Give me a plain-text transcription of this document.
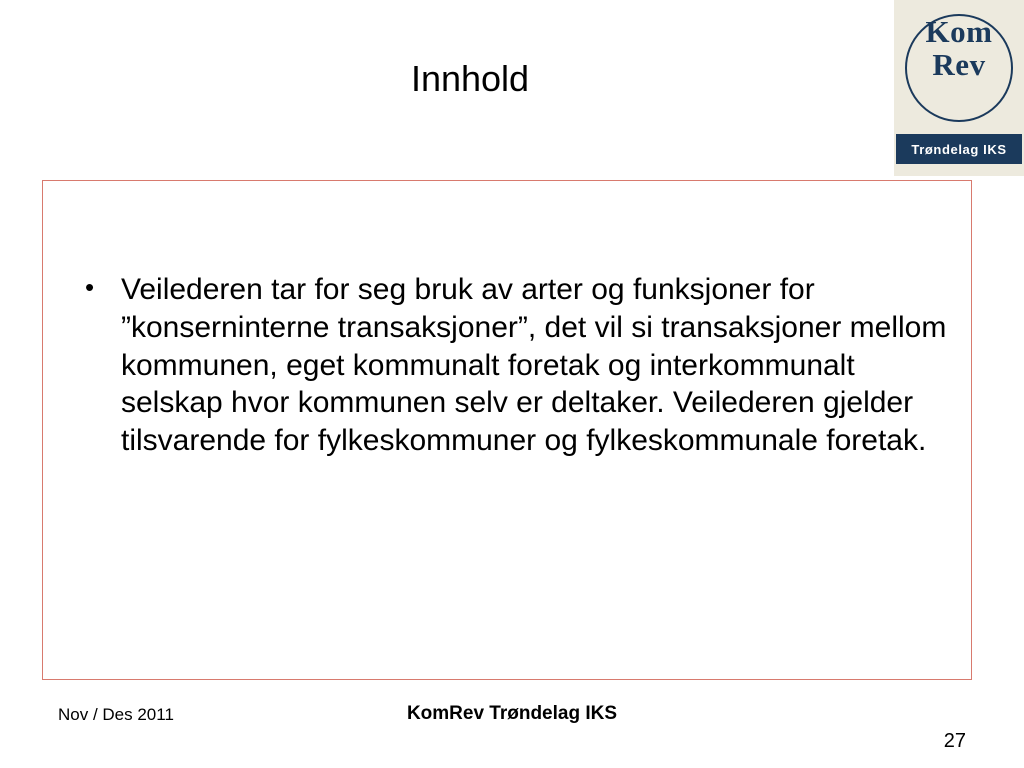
Kom
Rev
Trøndelag IKS
Innhold
• Veilederen tar for seg bruk av arter og funksjoner for ”konserninterne transaksjoner”, det vil si transaksjoner mellom kommunen, eget kommunalt foretak og interkommunalt selskap hvor kommunen selv er deltaker. Veilederen gjelder tilsvarende for fylkeskommuner og fylkeskommunale foretak.
Nov / Des 2011	KomRev Trøndelag IKS
27
